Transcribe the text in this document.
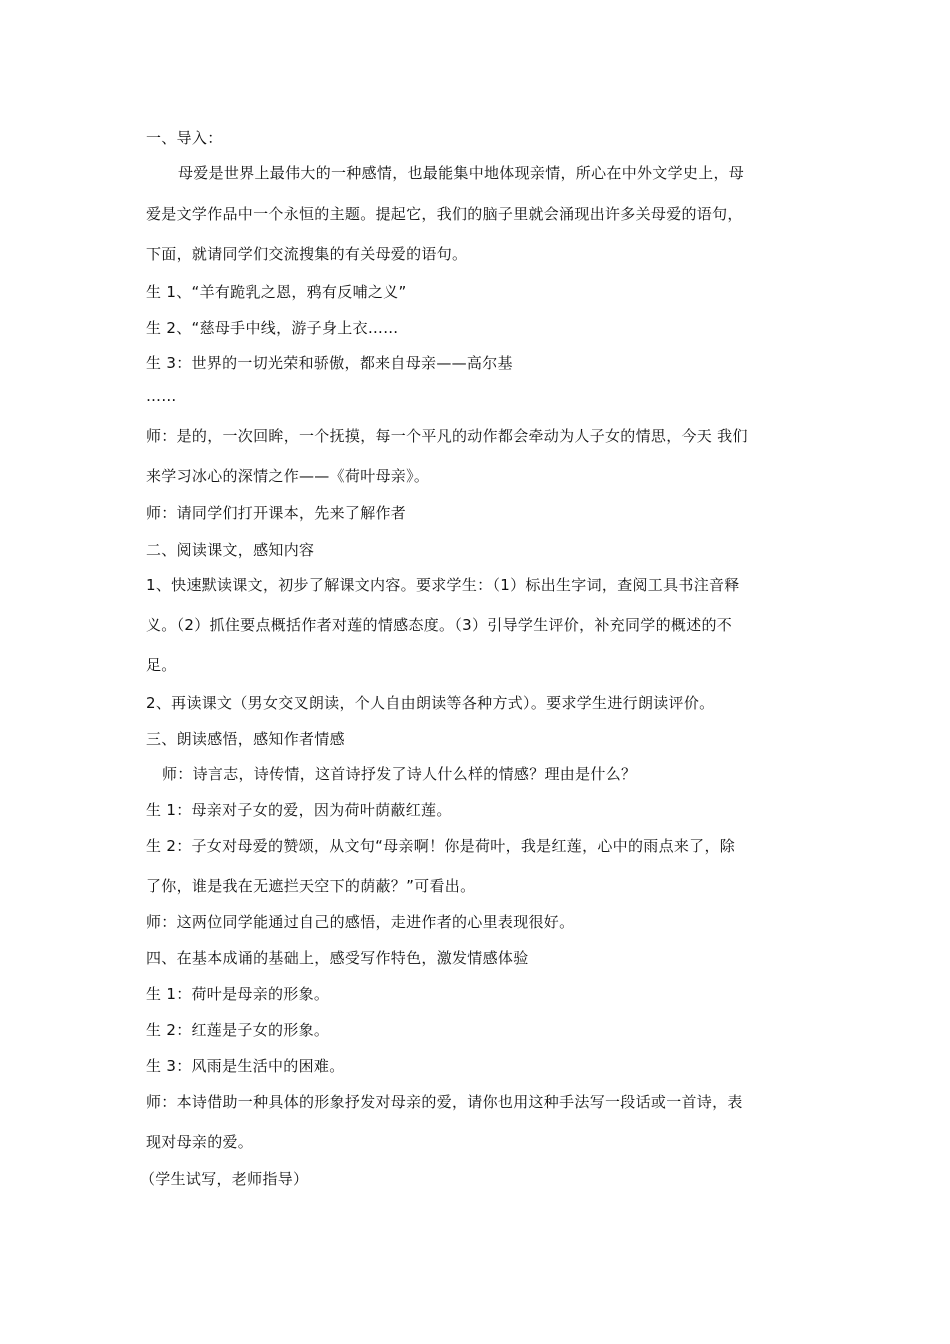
一、导入：
母爱是世界上最伟大的一种感情，也最能集中地体现亲情，所心在中外文学史上，母
爱是文学作品中一个永恒的主题。提起它，我们的脑子里就会涌现出许多关母爱的语句，
下面，就请同学们交流搜集的有关母爱的语句。
生 1、“羊有跪乳之恩，鸦有反哺之义”
生 2、“慈母手中线，游子身上衣……
生 3：世界的一切光荣和骄傲，都来自母亲——高尔基
……
师：是的，一次回眸，一个抚摸，每一个平凡的动作都会牵动为人子女的情思，今天 我们
来学习冰心的深情之作——《荷叶母亲》。
师：请同学们打开课本，先来了解作者
二、阅读课文，感知内容
1、快速默读课文，初步了解课文内容。要求学生：（1）标出生字词，查阅工具书注音释
义。（2）抓住要点概括作者对莲的情感态度。（3）引导学生评价，补充同学的概述的不
足。
2、再读课文（男女交叉朗读，个人自由朗读等各种方式）。要求学生进行朗读评价。
三、朗读感悟，感知作者情感
师：诗言志，诗传情，这首诗抒发了诗人什么样的情感？理由是什么？
生 1：母亲对子女的爱，因为荷叶荫蔽红莲。
生 2：子女对母爱的赞颂，从文句“母亲啊！你是荷叶，我是红莲，心中的雨点来了，除
了你，谁是我在无遮拦天空下的荫蔽？”可看出。
师：这两位同学能通过自己的感悟，走进作者的心里表现很好。
四、在基本成诵的基础上，感受写作特色，激发情感体验
生 1：荷叶是母亲的形象。
生 2：红莲是子女的形象。
生 3：风雨是生活中的困难。
师：本诗借助一种具体的形象抒发对母亲的爱，请你也用这种手法写一段话或一首诗，表
现对母亲的爱。
（学生试写，老师指导）
